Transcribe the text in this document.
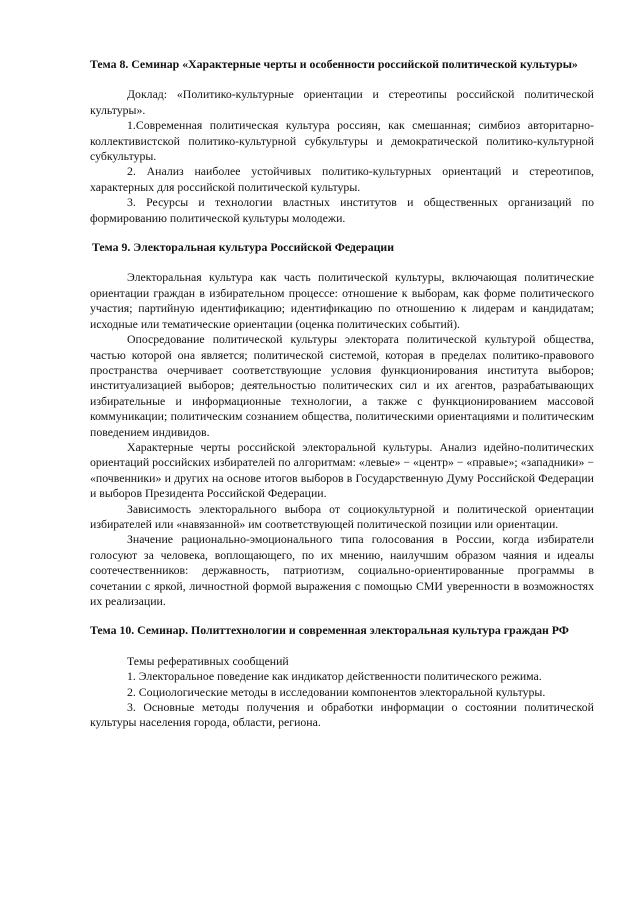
Тема 8. Семинар «Характерные черты и особенности российской политической культуры»

Доклад: «Политико-культурные ориентации и стереотипы российской политической культуры».

1.Современная политическая культура россиян, как смешанная; симбиоз авторитарно-коллективистской политико-культурной субкультуры и демократической политико-культурной субкультуры.

2. Анализ наиболее устойчивых политико-культурных ориентаций и стереотипов, характерных для российской политической культуры.

3. Ресурсы и технологии властных институтов и общественных организаций по формированию политической культуры молодежи.

Тема 9. Электоральная культура Российской Федерации

Электоральная культура как часть политической культуры, включающая политические ориентации граждан в избирательном процессе: отношение к выборам, как форме политического участия; партийную идентификацию; идентификацию по отношению к лидерам и кандидатам; исходные или тематические ориентации (оценка политических событий).

Опосредование политической культуры электората политической культурой общества, частью которой она является; политической системой, которая в пределах политико-правового пространства очерчивает соответствующие условия функционирования института выборов; институализацией выборов; деятельностью политических сил и их агентов, разрабатывающих избирательные и информационные технологии, а также с функционированием массовой коммуникации; политическим сознанием общества, политическими ориентациями и политическим поведением индивидов.

Характерные черты российской электоральной культуры. Анализ идейно-политических ориентаций российских избирателей по алгоритмам: «левые» − «центр» − «правые»; «западники» − «почвенники» и других на основе итогов выборов в Государственную Думу Российской Федерации и выборов Президента Российской Федерации.

Зависимость электорального выбора от социокультурной и политической ориентации избирателей или «навязанной» им соответствующей политической позиции или ориентации.

Значение рационально-эмоционального типа голосования в России, когда избиратели голосуют за человека, воплощающего, по их мнению, наилучшим образом чаяния и идеалы соотечественников: державность, патриотизм, социально-ориентированные программы в сочетании с яркой, личностной формой выражения с помощью СМИ уверенности в возможностях их реализации.

Тема 10. Семинар. Политтехнологии и современная электоральная культура граждан РФ

Темы реферативных сообщений

1. Электоральное поведение как индикатор действенности политического режима.

2. Социологические методы в исследовании компонентов электоральной культуры.

3. Основные методы получения и обработки информации о состоянии политической культуры населения города, области, региона.
